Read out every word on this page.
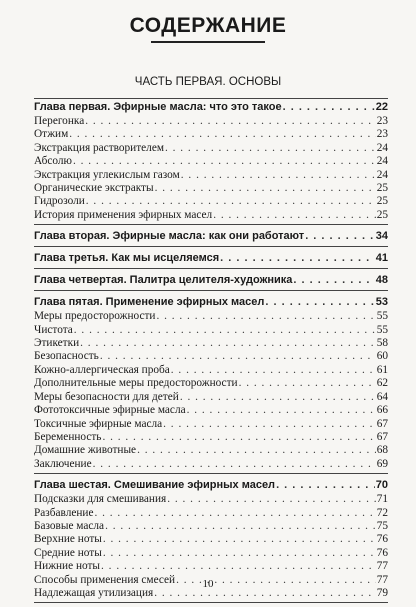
СОДЕРЖАНИЕ

ЧАСТЬ ПЕРВАЯ. ОСНОВЫ
Глава первая. Эфирные масла: что это такое . . .	22
Перегонка . . .	23
Отжим . . .	23
Экстракция растворителем . . .	24
Абсолю . . .	24
Экстракция углекислым газом . . .	24
Органические экстракты . . .	25
Гидрозоли . . .	25
История применения эфирных масел . . .	25
Глава вторая. Эфирные масла: как они работают . . .	34
Глава третья. Как мы исцеляемся . . .	41
Глава четвертая. Палитра целителя-художника . . .	48
Глава пятая. Применение эфирных масел . . .	53
Меры предосторожности . . .	55
Чистота . . .	55
Этикетки . . .	58
Безопасность . . .	60
Кожно-аллергическая проба . . .	61
Дополнительные меры предосторожности . . .	62
Меры безопасности для детей . . .	64
Фототоксичные эфирные масла . . .	66
Токсичные эфирные масла . . .	67
Беременность . . .	67
Домашние животные . . .	68
Заключение . . .	69
Глава шестая. Смешивание эфирных масел . . .	70
Подсказки для смешивания . . .	71
Разбавление . . .	72
Базовые масла . . .	75
Верхние ноты . . .	76
Средние ноты . . .	76
Нижние ноты . . .	77
Способы применения смесей . . .	77
Надлежащая утилизация . . .	79
10
